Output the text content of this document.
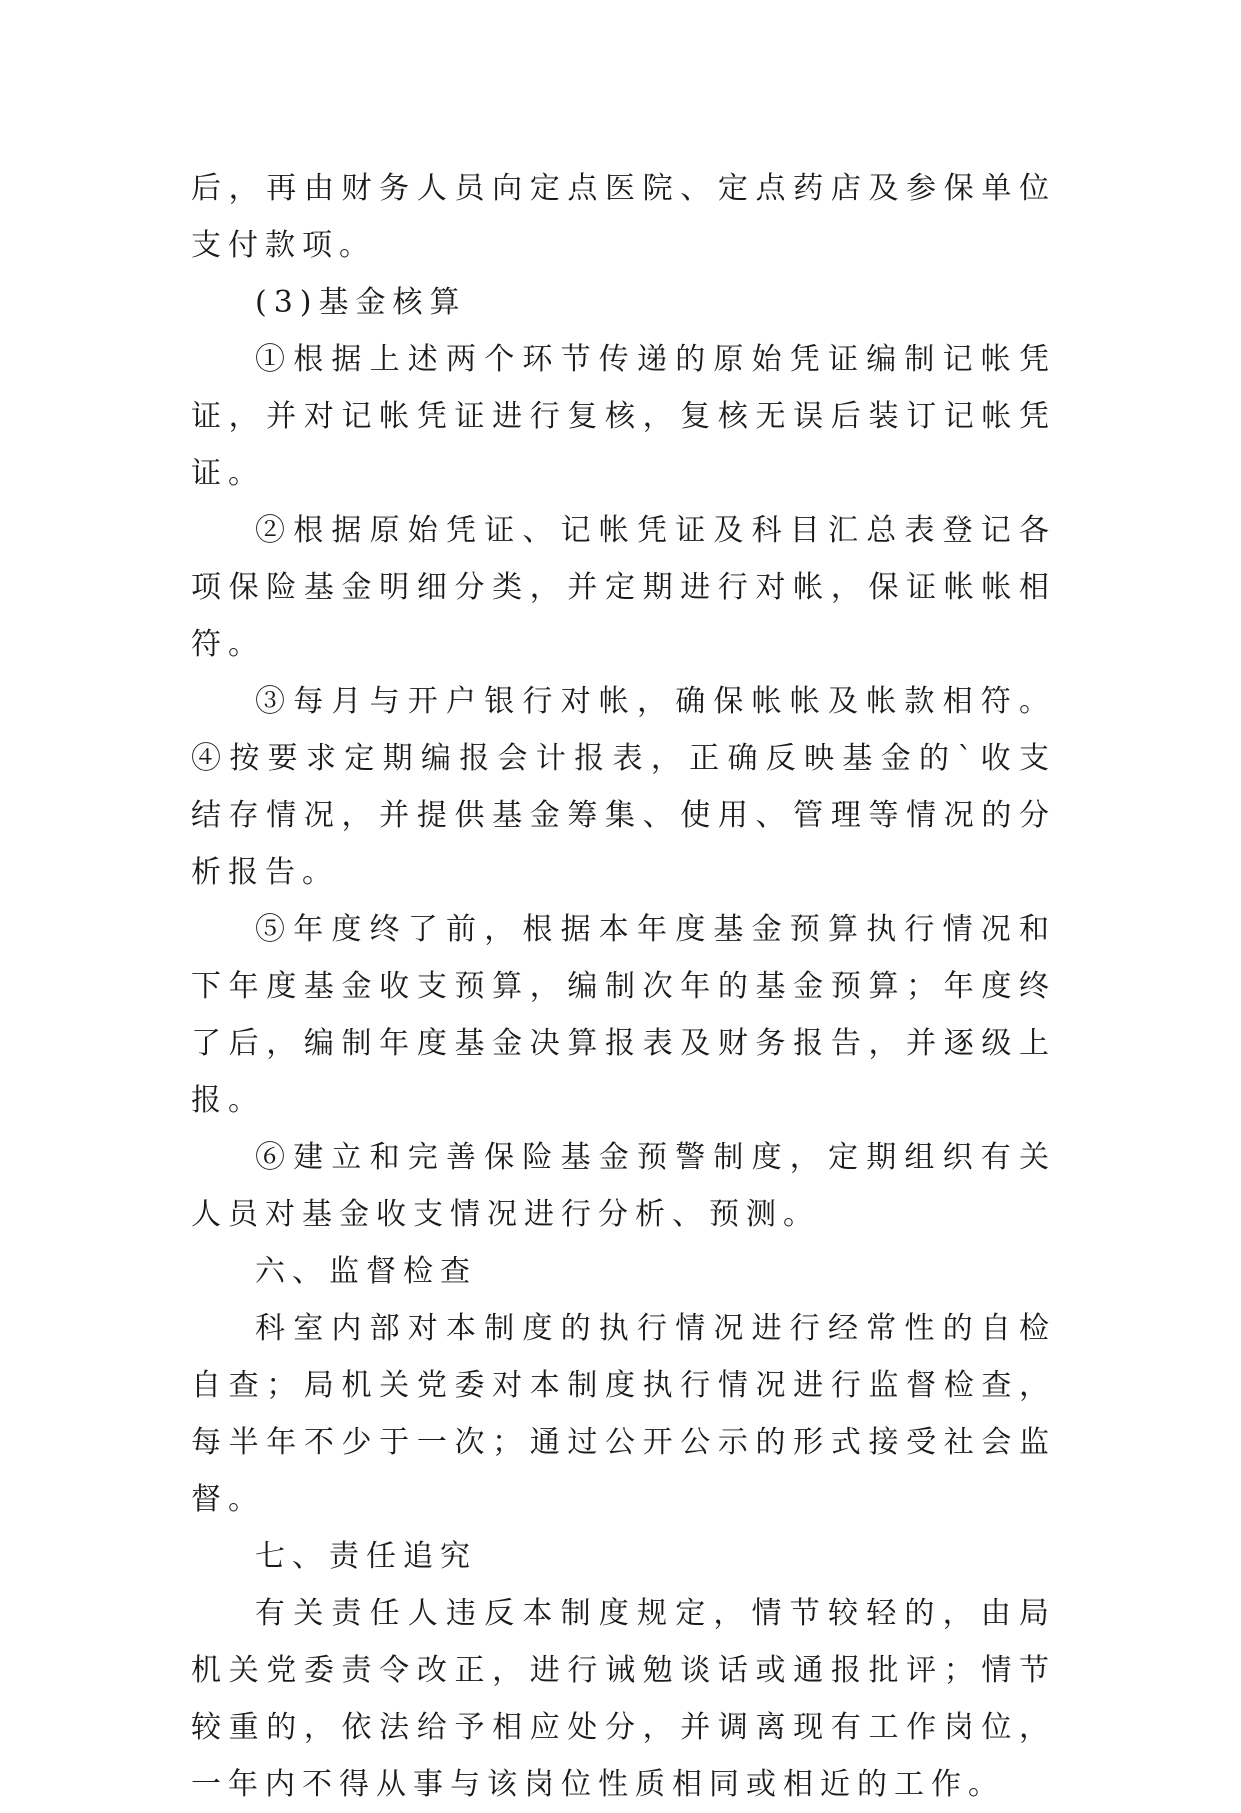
后，再由财务人员向定点医院、定点药店及参保单位支付款项。

(3)基金核算

①根据上述两个环节传递的原始凭证编制记帐凭证，并对记帐凭证进行复核，复核无误后装订记帐凭证。

②根据原始凭证、记帐凭证及科目汇总表登记各项保险基金明细分类，并定期进行对帐，保证帐帐相符。

③每月与开户银行对帐，确保帐帐及帐款相符。④按要求定期编报会计报表，正确反映基金的`收支结存情况，并提供基金筹集、使用、管理等情况的分析报告。

⑤年度终了前，根据本年度基金预算执行情况和下年度基金收支预算，编制次年的基金预算；年度终了后，编制年度基金决算报表及财务报告，并逐级上报。

⑥建立和完善保险基金预警制度，定期组织有关人员对基金收支情况进行分析、预测。

六、监督检查

科室内部对本制度的执行情况进行经常性的自检自查；局机关党委对本制度执行情况进行监督检查，每半年不少于一次；通过公开公示的形式接受社会监督。

七、责任追究

有关责任人违反本制度规定，情节较轻的，由局机关党委责令改正，进行诫勉谈话或通报批评；情节较重的，依法给予相应处分，并调离现有工作岗位，一年内不得从事与该岗位性质相同或相近的工作。
